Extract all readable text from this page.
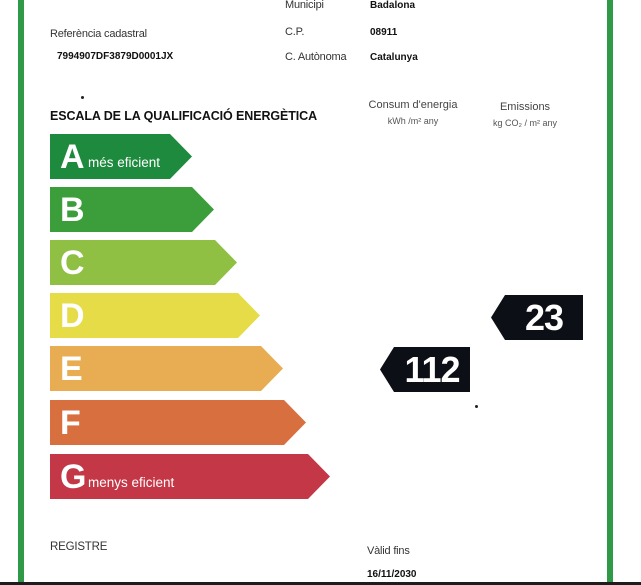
Municipi	Badalona
Referència cadastral	C.P.	08911
7994907DF3879D0001JX	C. Autònoma Catalunya
ESCALA DE LA QUALIFICACIÓ ENERGÈTICA
Consum d'energia
kWh /m² any
Emissions
kg CO₂ / m² any
A més eficient
B
C
D
E
F
G menys eficient
112
23
REGISTRE	Vàlid fins
16/11/2030
